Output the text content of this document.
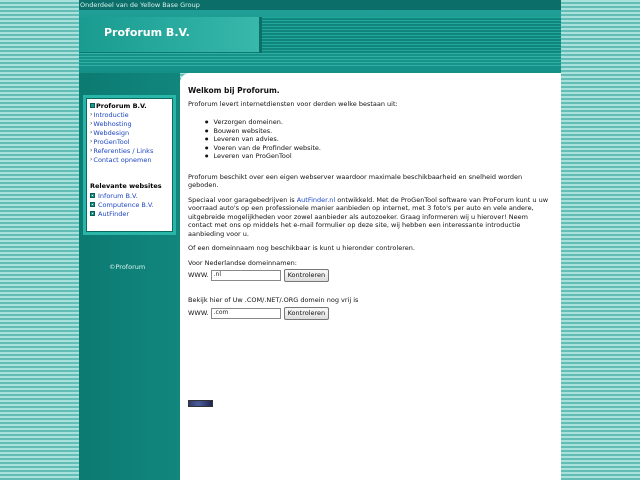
Onderdeel van de Yellow Base Group
Proforum B.V.
Proforum B.V.
› Introductie
› Webhosting
› Webdesign
› ProGenTool
› Referenties / Links
› Contact opnemen
Relevante websites
Inforum B.V.
Computence B.V.
AutFinder
©Proforum
Welkom bij Proforum.

Proforum levert internetdiensten voor derden welke bestaan uit:

● Verzorgen domeinen.
● Bouwen websites.
● Leveren van advies.
● Voeren van de Profinder website.
● Leveren van ProGenTool

Proforum beschikt over een eigen webserver waardoor maximale beschikbaarheid en snelheid worden geboden.

Speciaal voor garagebedrijven is AutFinder.nl ontwikkeld. Met de ProGenTool software van ProForum kunt u uw voorraad auto's op een professionele manier aanbieden op internet, met 3 foto's per auto en vele andere, uitgebreide mogelijkheden voor zowel aanbieder als autozoeker. Graag informeren wij u hierover! Neem contact met ons op middels het e-mail formulier op deze site, wij hebben een interessante introductie aanbieding voor u.

Of een domeinnaam nog beschikbaar is kunt u hieronder controleren.

Voor Nederlandse domeinnamen:
WWW. .nl	Kontroleren
Bekijk hier of Uw .COM/.NET/.ORG domein nog vrij is
WWW. .com	Kontroleren
